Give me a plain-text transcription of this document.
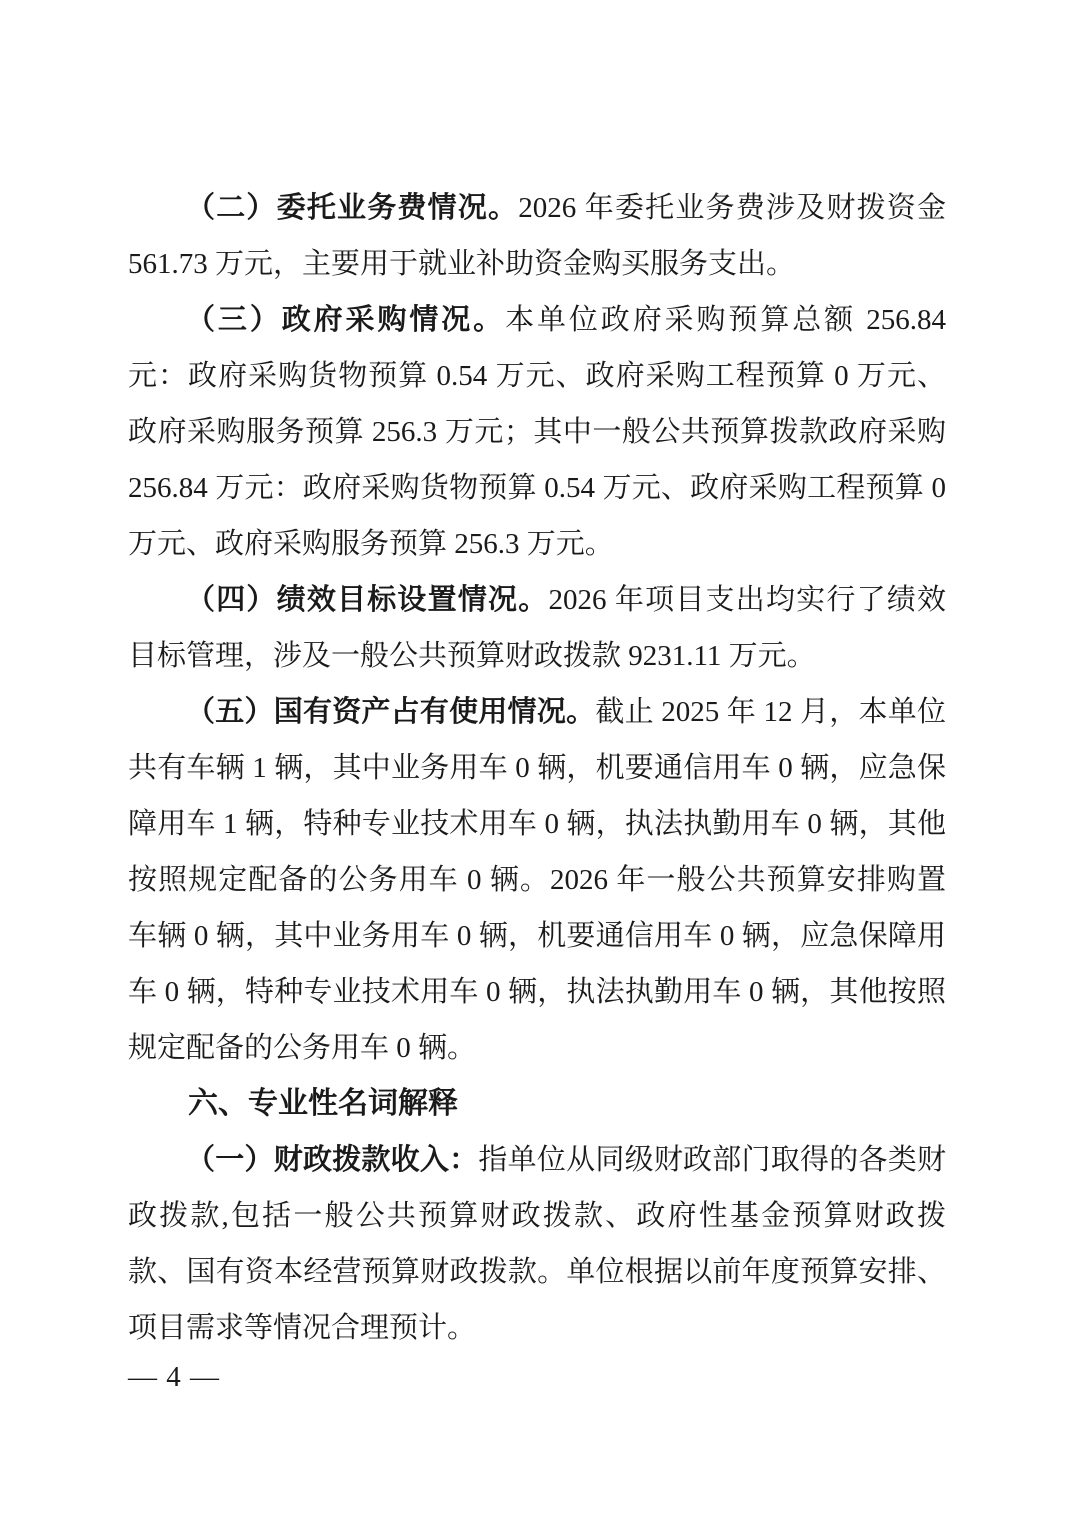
（二）委托业务费情况。2026 年委托业务费涉及财拨资金 561.73 万元，主要用于就业补助资金购买服务支出。

（三）政府采购情况。本单位政府采购预算总额 256.84 元：政府采购货物预算 0.54 万元、政府采购工程预算 0 万元、政府采购服务预算 256.3 万元；其中一般公共预算拨款政府采购 256.84 万元：政府采购货物预算 0.54 万元、政府采购工程预算 0 万元、政府采购服务预算 256.3 万元。

（四）绩效目标设置情况。2026 年项目支出均实行了绩效目标管理，涉及一般公共预算财政拨款 9231.11 万元。

（五）国有资产占有使用情况。截止 2025 年 12 月，本单位共有车辆 1 辆，其中业务用车 0 辆，机要通信用车 0 辆，应急保障用车 1 辆，特种专业技术用车 0 辆，执法执勤用车 0 辆，其他按照规定配备的公务用车 0 辆。2026 年一般公共预算安排购置车辆 0 辆，其中业务用车 0 辆，机要通信用车 0 辆，应急保障用车 0 辆，特种专业技术用车 0 辆，执法执勤用车 0 辆，其他按照规定配备的公务用车 0 辆。

六、专业性名词解释

（一）财政拨款收入：指单位从同级财政部门取得的各类财政拨款,包括一般公共预算财政拨款、政府性基金预算财政拨款、国有资本经营预算财政拨款。单位根据以前年度预算安排、项目需求等情况合理预计。

— 4 —
